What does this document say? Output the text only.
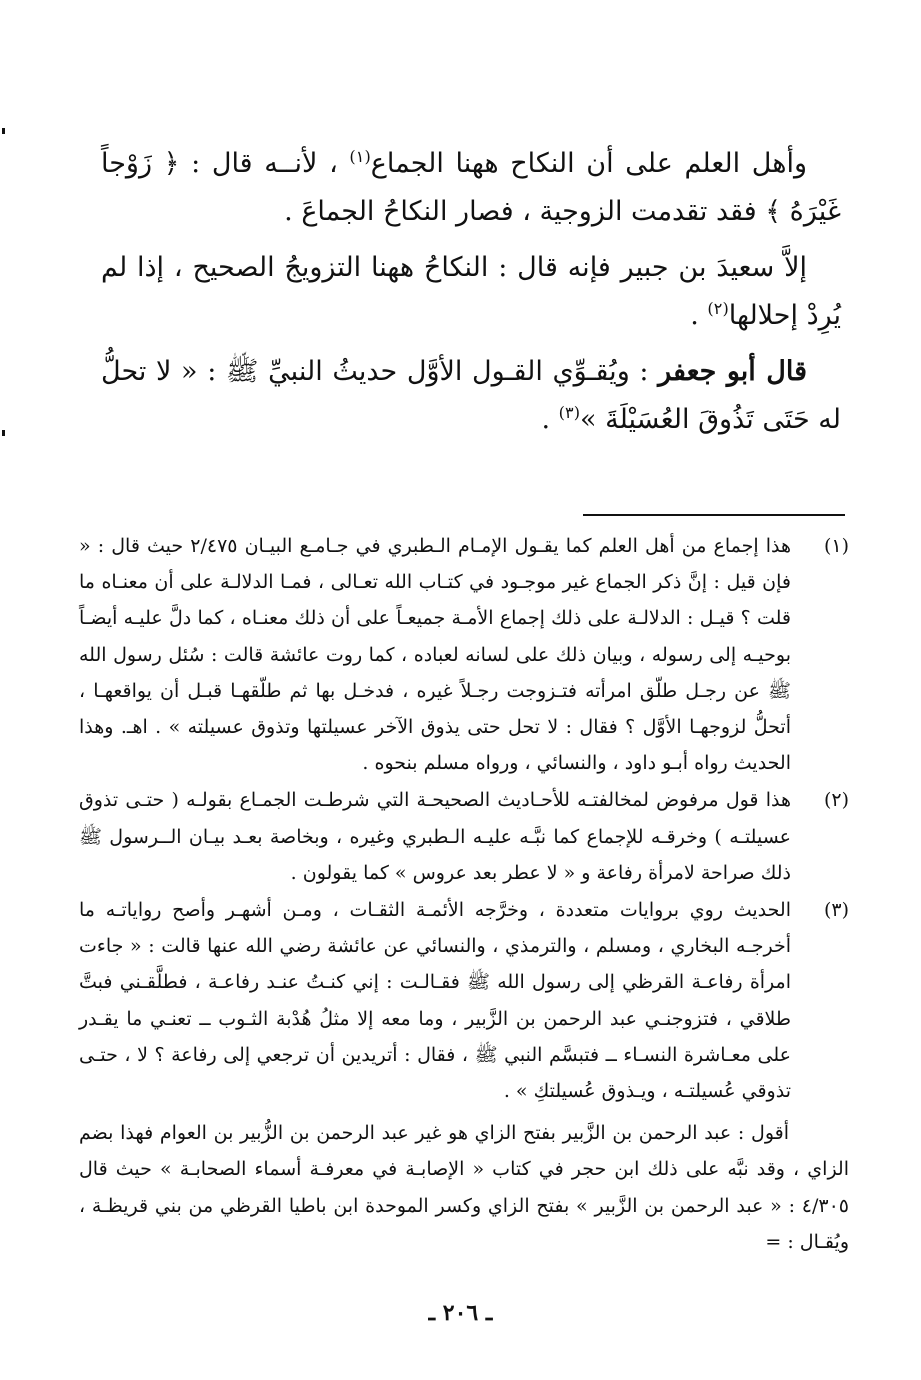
وأهل العلم على أن النكاح ههنا الجماع$^{(١)}$ ، لأنــه قال : ﴿ زَوْجاً غَيْرَهُ ﴾ فقد تقدمت الزوجية ، فصار النكاحُ الجماعَ .

إلاَّ سعيدَ بن جبير فإنه قال : النكاحُ ههنا التزويجُ الصحيح ، إذا لم يُرِدْ إحلالها$^{(٢)}$ .

قال أبو جعفر : ويُقـوِّي القـول الأوَّل حديثُ النبيِّ ﷺ : « لا تحلُّ له حَتَى تَذُوقَ العُسَيْلَةَ »$^{(٣)}$ .

(١)
هذا إجماع من أهل العلم كما يقـول الإمـام الـطبري في جـامـع البيـان ٢/٤٧٥ حيث قال : « فإن قيل : إنَّ ذكر الجماع غير موجـود في كتـاب الله تعـالى ، فمـا الدلالـة على أن معنـاه ما قلت ؟ قيـل : الدلالـة على ذلك إجماع الأمـة جميعـاً على أن ذلك معنـاه ، كما دلَّ عليـه أيضـاً بوحيـه إلى رسوله ، وبيان ذلك على لسانه لعباده ، كما روت عائشة قالت : سُئل رسول الله ﷺ عن رجـل طلّق امرأته فتـزوجت رجـلاً غيره ، فدخـل بها ثم طلّقهـا قبـل أن يواقعهـا ، أتحلُّ لزوجهـا الأوَّل ؟ فقال : لا تحل حتى يذوق الآخر عسيلتها وتذوق عسيلته » . اهـ. وهذا الحديث رواه أبـو داود ، والنسائي ، ورواه مسلم بنحوه .
(٢)
هذا قول مرفوض لمخالفتـه للأحـاديث الصحيحـة التي شرطـت الجمـاع بقولـه ( حتـى تذوق عسيلتـه ) وخرقـه للإجماع كما نبَّـه عليـه الـطبري وغيره ، وبخاصة بعـد بيـان الــرسول ﷺ ذلك صراحة لامرأة رفاعة و « لا عطر بعد عروس » كما يقولون .
(٣)
الحديث روي بروايات متعددة ، وخرَّجه الأئمـة الثقـات ، ومـن أشهـر وأصح رواياتـه ما أخرجـه البخاري ، ومسلم ، والترمذي ، والنسائي عن عائشة رضي الله عنها قالت : « جاءت امرأة رفاعـة القرظي إلى رسول الله ﷺ فقـالـت : إني كنـتُ عنـد رفاعـة ، فطلَّقـني فبتَّ طلاقي ، فتزوجنـي عبد الرحمن بن الزَّبير ، وما معه إلا مثلُ هُدْبة الثـوب ــ تعنـي ما يقـدر على معـاشرة النسـاء ــ فتبسَّم النبي ﷺ ، فقال : أتريدين أن ترجعي إلى رفاعة ؟ لا ، حتـى تذوقي عُسيلتـه ، ويـذوق عُسيلتكِ » .
أقول : عبد الرحمن بن الزَّبير بفتح الزاي هو غير عبد الرحمن بن الزُّبير بن العوام فهذا بضم الزاي ، وقد نبَّه على ذلك ابن حجر في كتاب « الإصابـة في معرفـة أسماء الصحابـة » حيث قال ٤/٣٠٥ : « عبد الرحمن بن الزَّبير » بفتح الزاي وكسر الموحدة ابن باطيا القرظي من بني قريظـة ، ويُقـال : =
ـ ٢٠٦ ـ
